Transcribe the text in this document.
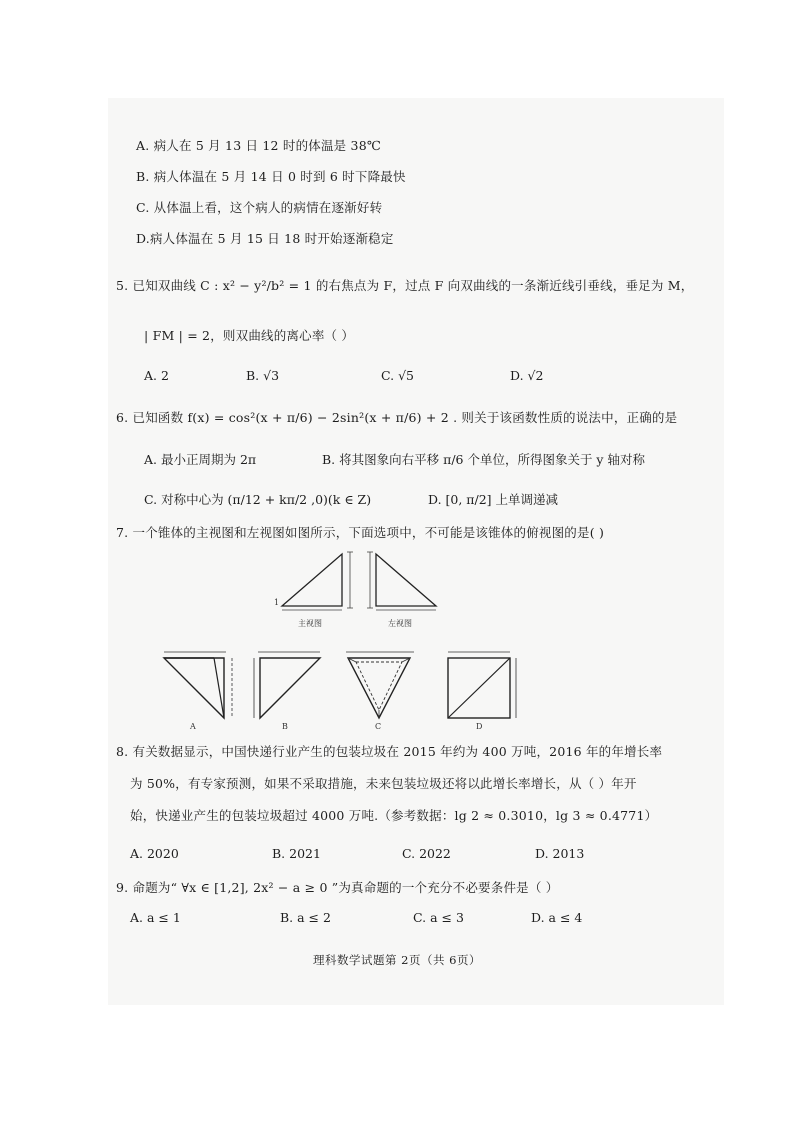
A. 病人在 5 月 13 日 12 时的体温是 38℃
B. 病人体温在 5 月 14 日 0 时到 6 时下降最快
C. 从体温上看，这个病人的病情在逐渐好转
D.病人体温在 5 月 15 日 18 时开始逐渐稳定
5. 已知双曲线 C : x² − y²/b² = 1 的右焦点为 F，过点 F 向双曲线的一条渐近线引垂线，垂足为 M，
| FM | = 2，则双曲线的离心率（ ）
A. 2	B. √3	C. √5	D. √2
6. 已知函数 f(x) = cos²(x + π/6) − 2sin²(x + π/6) + 2 . 则关于该函数性质的说法中，正确的是
A. 最小正周期为 2π	B. 将其图象向右平移 π/6 个单位，所得图象关于 y 轴对称
C. 对称中心为 (π/12 + kπ/2 ,0)(k ∈ Z)	D. [0, π/2] 上单调递减
7. 一个锥体的主视图和左视图如图所示，下面选项中，不可能是该锥体的俯视图的是( )
1
主视图	左视图
A	B	C	D
8. 有关数据显示，中国快递行业产生的包装垃圾在 2015 年约为 400 万吨，2016 年的年增长率
为 50%，有专家预测，如果不采取措施，未来包装垃圾还将以此增长率增长，从（ ）年开
始，快递业产生的包装垃圾超过 4000 万吨.（参考数据：lg 2 ≈ 0.3010，lg 3 ≈ 0.4771）
A. 2020	B. 2021	C. 2022	D. 2013
9. 命题为“ ∀x ∈ [1,2], 2x² − a ≥ 0 ”为真命题的一个充分不必要条件是（ ）
A. a ≤ 1	B. a ≤ 2	C. a ≤ 3	D. a ≤ 4
理科数学试题第 2页（共 6页）
